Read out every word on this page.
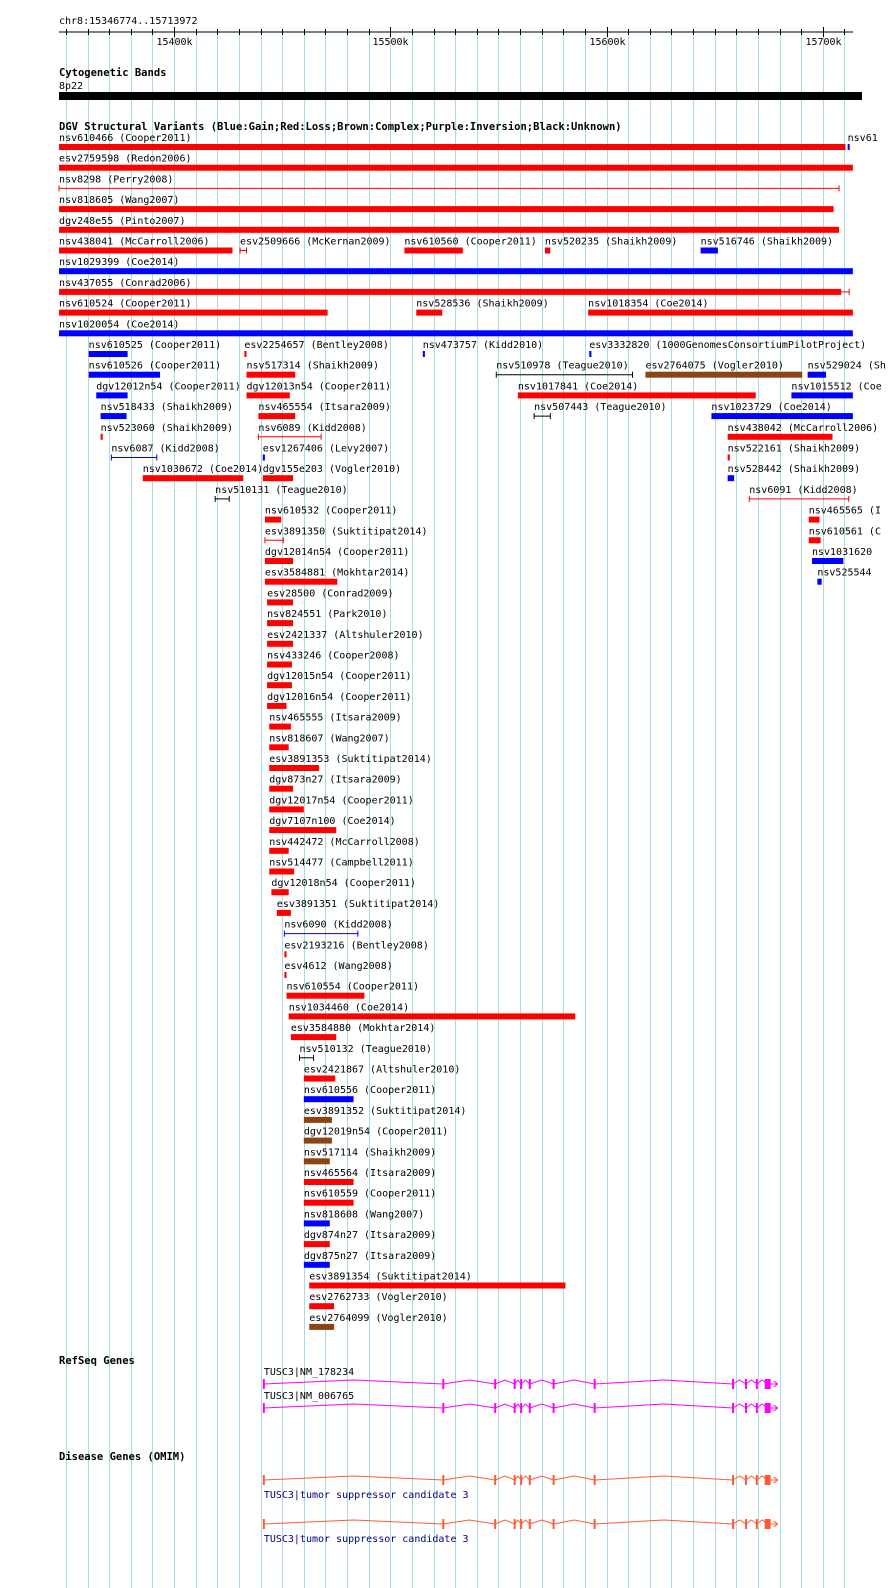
chr8:15346774..15713972
15400k	15500k	15600k	15700k
Cytogenetic Bands
8p22
DGV Structural Variants (Blue:Gain;Red:Loss;Brown:Complex;Purple:Inversion;Black:Unknown)
nsv610466 (Cooper2011)	nsv61
esv2759598 (Redon2006)
nsv8298 (Perry2008)
nsv818605 (Wang2007)
dgv248e55 (Pinto2007)
nsv438041 (McCarroll2006)	esv2509666 (McKernan2009) nsv610560 (Cooper2011) nsv520235 (Shaikh2009) nsv516746 (Shaikh2009)
nsv1029399 (Coe2014)
nsv437055 (Conrad2006)
nsv610524 (Cooper2011)	nsv528536 (Shaikh2009)	nsv1018354 (Coe2014)
nsv1020054 (Coe2014)
nsv610525 (Cooper2011) esv2254657 (Bentley2008)	nsv473757 (Kidd2010)	esv3332820 (1000GenomesConsortiumPilotProject)
nsv610526 (Cooper2011)	nsv517314 (Shaikh2009)	nsv510978 (Teague2010) esv2764075 (Vogler2010) nsv529024 (Sh
dgv12012n54 (Cooper2011) dgv12013n54 (Cooper2011)	nsv1017841 (Coe2014)	nsv1015512 (Coe
nsv518433 (Shaikh2009)	nsv465554 (Itsara2009)	nsv507443 (Teague2010)	nsv1023729 (Coe2014)
nsv523060 (Shaikh2009)	nsv6089 (Kidd2008)	nsv438042 (McCarroll2006)
nsv6087 (Kidd2008)	esv1267406 (Levy2007)	nsv522161 (Shaikh2009)
nsv1030672 (Coe2014) dgv155e203 (Vogler2010)	nsv528442 (Shaikh2009)
nsv510131 (Teague2010)	nsv6091 (Kidd2008)
nsv610532 (Cooper2011)	nsv465565 (I
esv3891350 (Suktitipat2014)	nsv610561 (C
dgv12014n54 (Cooper2011)	nsv1031620
esv3584881 (Mokhtar2014)	nsv525544
esv28500 (Conrad2009)
nsv824551 (Park2010)
esv2421337 (Altshuler2010)
nsv433246 (Cooper2008)
dgv12015n54 (Cooper2011)
dgv12016n54 (Cooper2011)
nsv465555 (Itsara2009)
nsv818607 (Wang2007)
esv3891353 (Suktitipat2014)
dgv873n27 (Itsara2009)
dgv12017n54 (Cooper2011)
dgv7107n100 (Coe2014)
nsv442472 (McCarroll2008)
nsv514477 (Campbell2011)
dgv12018n54 (Cooper2011)
esv3891351 (Suktitipat2014)
nsv6090 (Kidd2008)
esv2193216 (Bentley2008)
esv4612 (Wang2008)
nsv610554 (Cooper2011)
nsv1034460 (Coe2014)
esv3584880 (Mokhtar2014)
nsv510132 (Teague2010)
esv2421867 (Altshuler2010)
nsv610556 (Cooper2011)
esv3891352 (Suktitipat2014)
dgv12019n54 (Cooper2011)
nsv517114 (Shaikh2009)
nsv465564 (Itsara2009)
nsv610559 (Cooper2011)
nsv818608 (Wang2007)
dgv874n27 (Itsara2009)
dgv875n27 (Itsara2009)
esv3891354 (Suktitipat2014)
esv2762733 (Vogler2010)
esv2764099 (Vogler2010)
RefSeq Genes
TUSC3|NM_178234
TUSC3|NM_006765
Disease Genes (OMIM)
TUSC3|tumor suppressor candidate 3
TUSC3|tumor suppressor candidate 3
